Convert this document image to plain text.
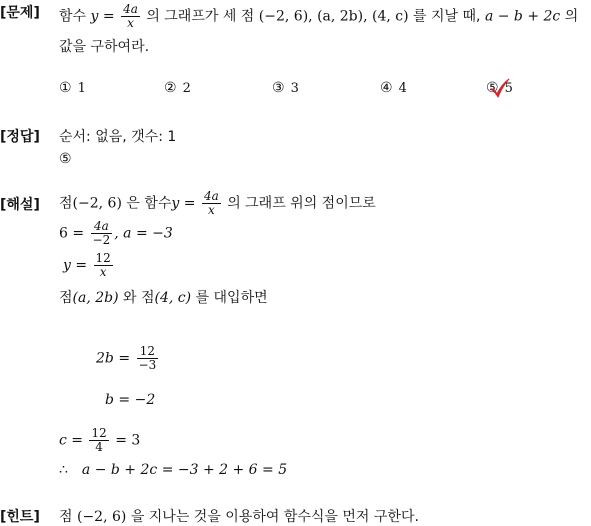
[문제] 함수 $y = \frac{4a}{x}$ 의 그래프가 세 점 (−2, 6), (a, 2b), (4, c) 를 지날 때, a − b + 2c 의
값을 구하여라.
① 1	② 2	③ 3	④ 4	⑤ 5
[정답] 순서: 없음, 갯수: 1
⑤
[해설] 점(−2, 6) 은 함수$y = \frac{4a}{x}$ 의 그래프 위의 점이므로
$6 = \frac{4a}{-2}$ , a = −3
$y = \frac{12}{x}$
점(a, 2b) 와 점(4, c) 를 대입하면
$2b = \frac{12}{-3}$
b = −2
$c = \frac{12}{4} = 3$
∴ a − b + 2c = −3 + 2 + 6 = 5
[힌트] 점 (−2, 6) 을 지나는 것을 이용하여 함수식을 먼저 구한다.
